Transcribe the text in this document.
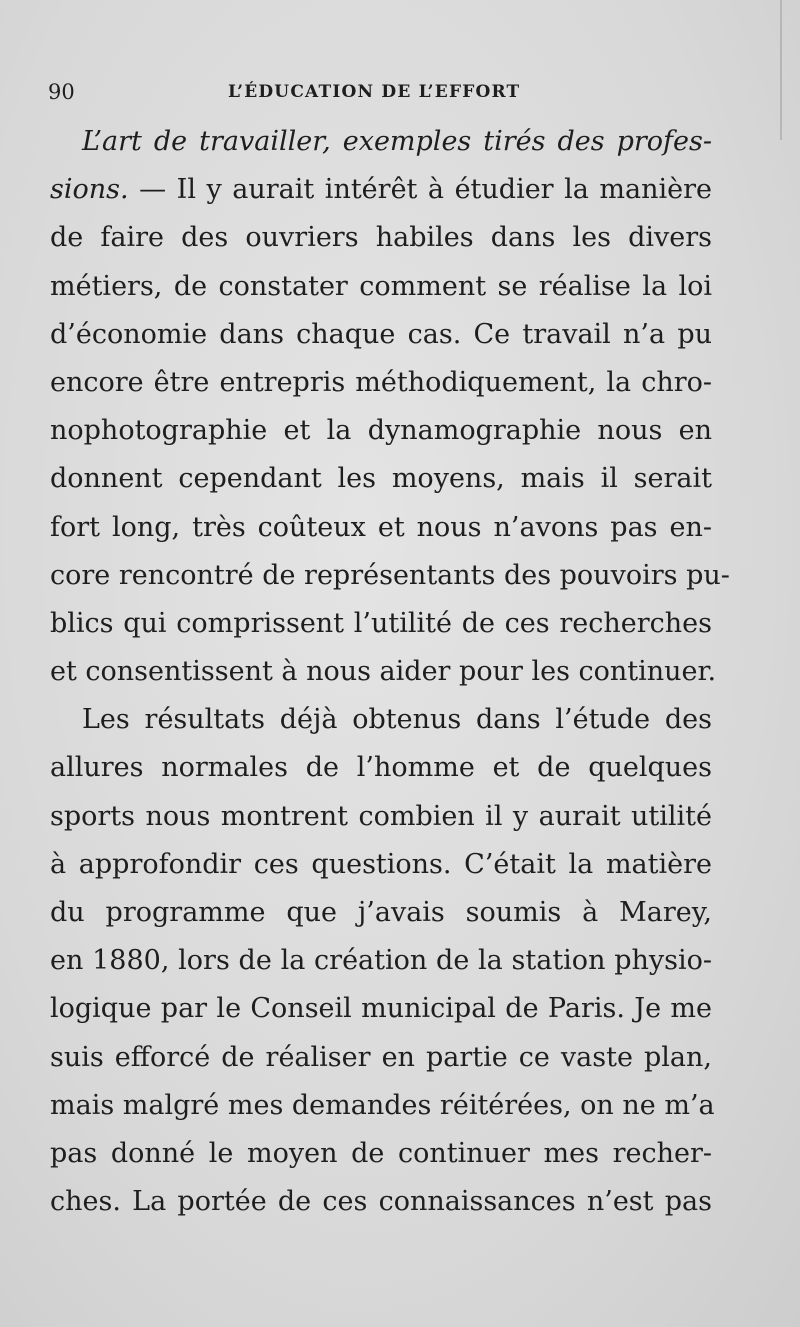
90	L’ÉDUCATION DE L’EFFORT
L’art de travailler, exemples tirés des profes-
sions. — Il y aurait intérêt à étudier la manière
de faire des ouvriers habiles dans les divers
métiers, de constater comment se réalise la loi
d’économie dans chaque cas. Ce travail n’a pu
encore être entrepris méthodiquement, la chro-
nophotographie et la dynamographie nous en
donnent cependant les moyens, mais il serait
fort long, très coûteux et nous n’avons pas en-
core rencontré de représentants des pouvoirs pu-
blics qui comprissent l’utilité de ces recherches
et consentissent à nous aider pour les continuer.
Les résultats déjà obtenus dans l’étude des
allures normales de l’homme et de quelques
sports nous montrent combien il y aurait utilité
à approfondir ces questions. C’était la matière
du programme que j’avais soumis à Marey,
en 1880, lors de la création de la station physio-
logique par le Conseil municipal de Paris. Je me
suis efforcé de réaliser en partie ce vaste plan,
mais malgré mes demandes réitérées, on ne m’a
pas donné le moyen de continuer mes recher-
ches. La portée de ces connaissances n’est pas
